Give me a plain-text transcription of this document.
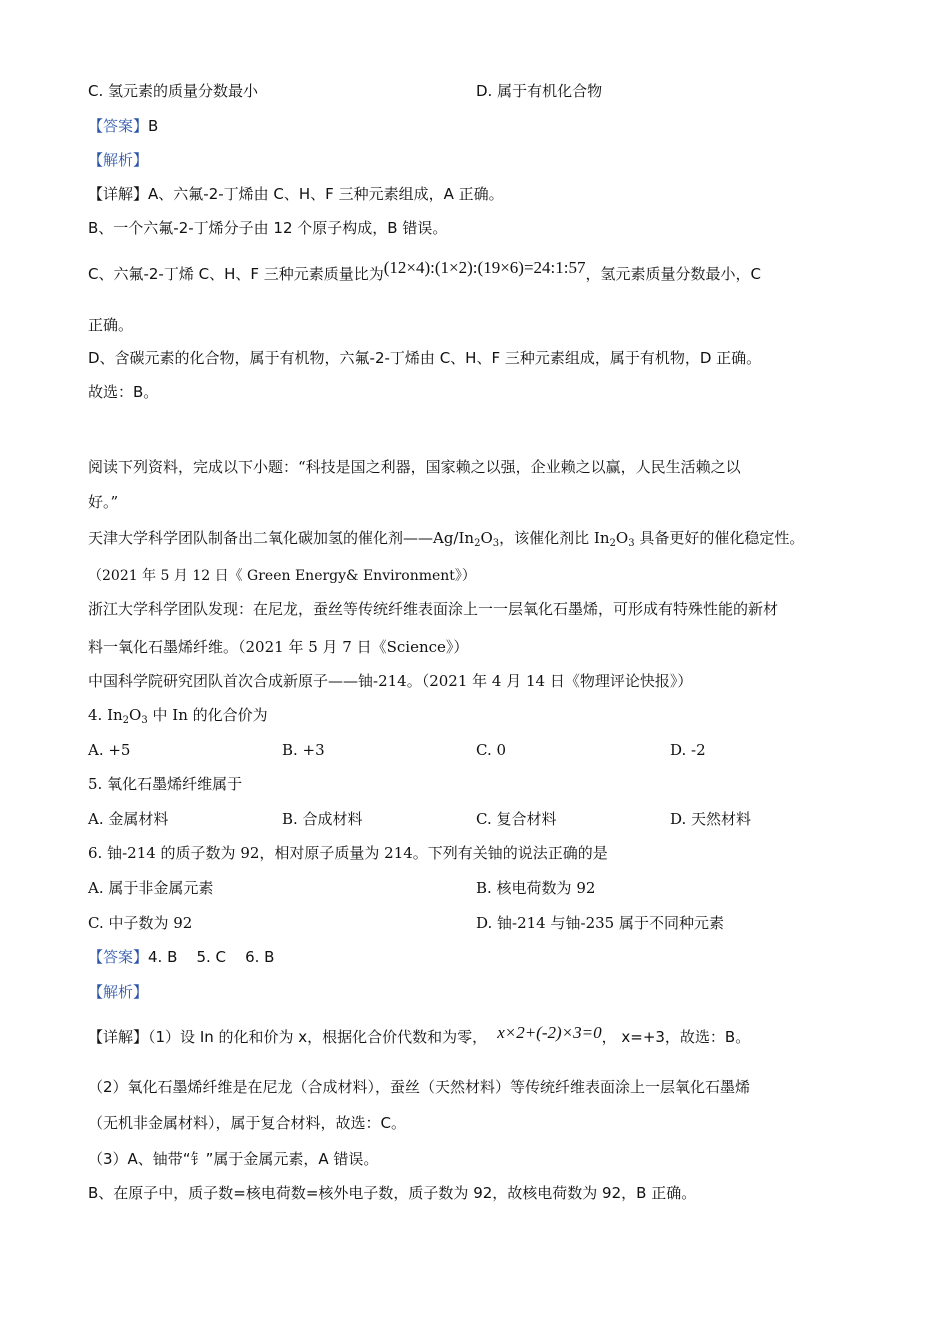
C. 氢元素的质量分数最小	D. 属于有机化合物
【答案】B
【解析】
【详解】A、六氟-2-丁烯由 C、H、F 三种元素组成，A 正确。
B、一个六氟-2-丁烯分子由 12 个原子构成，B 错误。
C、六氟-2-丁烯 C、H、F 三种元素质量比为(12×4):(1×2):(19×6)=24:1:57，氢元素质量分数最小，C
正确。
D、含碳元素的化合物，属于有机物，六氟-2-丁烯由 C、H、F 三种元素组成，属于有机物，D 正确。
故选：B。
阅读下列资料，完成以下小题：“科技是国之利器，国家赖之以强，企业赖之以赢，人民生活赖之以
好。”
天津大学科学团队制备出二氧化碳加氢的催化剂$——Ag/In_2O_3$，该催化剂比 $In_2O_3$ 具备更好的催化稳定性。
（2021 年 5 月 12 日《 Green Energy& Environment》）
浙江大学科学团队发现：在尼龙，蚕丝等传统纤维表面涂上一一层氧化石墨烯，可形成有特殊性能的新材
料一氧化石墨烯纤维。（2021 年 5 月 7 日《Science》）
中国科学院研究团队首次合成新原子——铀-214。（2021 年 4 月 14 日《物理评论快报》）
4. $In_2O_3$ 中 In 的化合价为
A. +5	B. +3	C. 0	D. -2
5. 氧化石墨烯纤维属于
A. 金属材料	B. 合成材料	C. 复合材料	D. 天然材料
6. 铀-214 的质子数为 92，相对原子质量为 214。下列有关铀的说法正确的是
A. 属于非金属元素	B. 核电荷数为 92
C. 中子数为 92	D. 铀-214 与铀-235 属于不同种元素
【答案】4. B    5. C    6. B
【解析】
【详解】（1）设 In 的化和价为 x，根据化合价代数和为零， x×2+(-2)×3=0， x=+3，故选：B。
（2）氧化石墨烯纤维是在尼龙（合成材料），蚕丝（天然材料）等传统纤维表面涂上一层氧化石墨烯
（无机非金属材料），属于复合材料，故选：C。
（3）A、铀带“钅”属于金属元素，A 错误。
B、在原子中，质子数=核电荷数=核外电子数，质子数为 92，故核电荷数为 92，B 正确。
